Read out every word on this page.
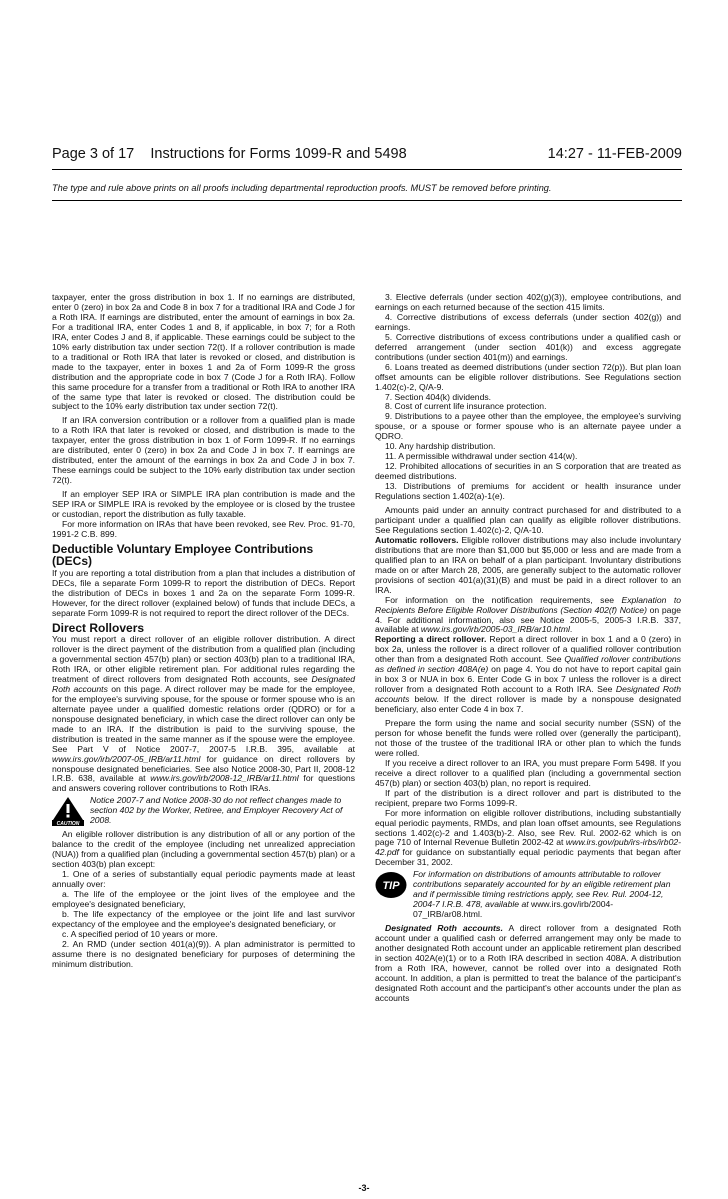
Page 3 of 17    Instructions for Forms 1099-R and 5498	14:27 - 11-FEB-2009
The type and rule above prints on all proofs including departmental reproduction proofs. MUST be removed before printing.

taxpayer, enter the gross distribution in box 1. If no earnings are distributed, enter 0 (zero) in box 2a and Code 8 in box 7 for a traditional IRA and Code J for a Roth IRA. If earnings are distributed, enter the amount of earnings in box 2a. For a traditional IRA, enter Codes 1 and 8, if applicable, in box 7; for a Roth IRA, enter Codes J and 8, if applicable. These earnings could be subject to the 10% early distribution tax under section 72(t). If a rollover contribution is made to a traditional or Roth IRA that later is revoked or closed, and distribution is made to the taxpayer, enter in boxes 1 and 2a of Form 1099-R the gross distribution and the appropriate code in box 7 (Code J for a Roth IRA). Follow this same procedure for a transfer from a traditional or Roth IRA to another IRA of the same type that later is revoked or closed. The distribution could be subject to the 10% early distribution tax under section 72(t).

If an IRA conversion contribution or a rollover from a qualified plan is made to a Roth IRA that later is revoked or closed, and distribution is made to the taxpayer, enter the gross distribution in box 1 of Form 1099-R. If no earnings are distributed, enter 0 (zero) in box 2a and Code J in box 7. If earnings are distributed, enter the amount of the earnings in box 2a and Code J in box 7. These earnings could be subject to the 10% early distribution tax under section 72(t).

If an employer SEP IRA or SIMPLE IRA plan contribution is made and the SEP IRA or SIMPLE IRA is revoked by the employee or is closed by the trustee or custodian, report the distribution as fully taxable.

For more information on IRAs that have been revoked, see Rev. Proc. 91-70, 1991-2 C.B. 899.

Deductible Voluntary Employee Contributions (DECs)

If you are reporting a total distribution from a plan that includes a distribution of DECs, file a separate Form 1099-R to report the distribution of DECs. Report the distribution of DECs in boxes 1 and 2a on the separate Form 1099-R. However, for the direct rollover (explained below) of funds that include DECs, a separate Form 1099-R is not required to report the direct rollover of the DECs.

Direct Rollovers

You must report a direct rollover of an eligible rollover distribution. A direct rollover is the direct payment of the distribution from a qualified plan (including a governmental section 457(b) plan) or section 403(b) plan to a traditional IRA, Roth IRA, or other eligible retirement plan. For additional rules regarding the treatment of direct rollovers from designated Roth accounts, see Designated Roth accounts on this page. A direct rollover may be made for the employee, for the employee's surviving spouse, for the spouse or former spouse who is an alternate payee under a qualified domestic relations order (QDRO) or for a nonspouse designated beneficiary, in which case the direct rollover can only be made to an IRA. If the distribution is paid to the surviving spouse, the distribution is treated in the same manner as if the spouse were the employee. See Part V of Notice 2007-7, 2007-5 I.R.B. 395, available at www.irs.gov/irb/2007-05_IRB/ar11.html for guidance on direct rollovers by nonspouse designated beneficiaries. See also Notice 2008-30, Part II, 2008-12 I.R.B. 638, available at www.irs.gov/irb/2008-12_IRB/ar11.html for questions and answers covering rollover contributions to Roth IRAs.

CAUTION
Notice 2007-7 and Notice 2008-30 do not reflect changes made to section 402 by the Worker, Retiree, and Employer Recovery Act of 2008.

An eligible rollover distribution is any distribution of all or any portion of the balance to the credit of the employee (including net unrealized appreciation (NUA)) from a qualified plan (including a governmental section 457(b) plan) or a section 403(b) plan except:

1. One of a series of substantially equal periodic payments made at least annually over:

a. The life of the employee or the joint lives of the employee and the employee's designated beneficiary,

b. The life expectancy of the employee or the joint life and last survivor expectancy of the employee and the employee's designated beneficiary, or

c. A specified period of 10 years or more.

2. An RMD (under section 401(a)(9)). A plan administrator is permitted to assume there is no designated beneficiary for purposes of determining the minimum distribution.

3. Elective deferrals (under section 402(g)(3)), employee contributions, and earnings on each returned because of the section 415 limits.

4. Corrective distributions of excess deferrals (under section 402(g)) and earnings.

5. Corrective distributions of excess contributions under a qualified cash or deferred arrangement (under section 401(k)) and excess aggregate contributions (under section 401(m)) and earnings.

6. Loans treated as deemed distributions (under section 72(p)). But plan loan offset amounts can be eligible rollover distributions. See Regulations section 1.402(c)-2, Q/A-9.

7. Section 404(k) dividends.

8. Cost of current life insurance protection.

9. Distributions to a payee other than the employee, the employee's surviving spouse, or a spouse or former spouse who is an alternate payee under a QDRO.

10. Any hardship distribution.

11. A permissible withdrawal under section 414(w).

12. Prohibited allocations of securities in an S corporation that are treated as deemed distributions.

13. Distributions of premiums for accident or health insurance under Regulations section 1.402(a)-1(e).

Amounts paid under an annuity contract purchased for and distributed to a participant under a qualified plan can qualify as eligible rollover distributions. See Regulations section 1.402(c)-2, Q/A-10.

Automatic rollovers. Eligible rollover distributions may also include involuntary distributions that are more than $1,000 but $5,000 or less and are made from a qualified plan to an IRA on behalf of a plan participant. Involuntary distributions made on or after March 28, 2005, are generally subject to the automatic rollover provisions of section 401(a)(31)(B) and must be paid in a direct rollover to an IRA.

For information on the notification requirements, see Explanation to Recipients Before Eligible Rollover Distributions (Section 402(f) Notice) on page 4. For additional information, also see Notice 2005-5, 2005-3 I.R.B. 337, available at www.irs.gov/irb/2005-03_IRB/ar10.html.

Reporting a direct rollover. Report a direct rollover in box 1 and a 0 (zero) in box 2a, unless the rollover is a direct rollover of a qualified rollover contribution other than from a designated Roth account. See Qualified rollover contributions as defined in section 408A(e) on page 4. You do not have to report capital gain in box 3 or NUA in box 6. Enter Code G in box 7 unless the rollover is a direct rollover from a designated Roth account to a Roth IRA. See Designated Roth accounts below. If the direct rollover is made by a nonspouse designated beneficiary, also enter Code 4 in box 7.

Prepare the form using the name and social security number (SSN) of the person for whose benefit the funds were rolled over (generally the participant), not those of the trustee of the traditional IRA or other plan to which the funds were rolled.

If you receive a direct rollover to an IRA, you must prepare Form 5498. If you receive a direct rollover to a qualified plan (including a governmental section 457(b) plan) or section 403(b) plan, no report is required.

If part of the distribution is a direct rollover and part is distributed to the recipient, prepare two Forms 1099-R.

For more information on eligible rollover distributions, including substantially equal periodic payments, RMDs, and plan loan offset amounts, see Regulations sections 1.402(c)-2 and 1.403(b)-2. Also, see Rev. Rul. 2002-62 which is on page 710 of Internal Revenue Bulletin 2002-42 at www.irs.gov/pub/irs-irbs/irb02-42.pdf for guidance on substantially equal periodic payments that began after December 31, 2002.

TIP
For information on distributions of amounts attributable to rollover contributions separately accounted for by an eligible retirement plan and if permissible timing restrictions apply, see Rev. Rul. 2004-12, 2004-7 I.R.B. 478, available at www.irs.gov/irb/2004-07_IRB/ar08.html.

Designated Roth accounts. A direct rollover from a designated Roth account under a qualified cash or deferred arrangement may only be made to another designated Roth account under an applicable retirement plan described in section 402A(e)(1) or to a Roth IRA described in section 408A. A distribution from a Roth IRA, however, cannot be rolled over into a designated Roth account. In addition, a plan is permitted to treat the balance of the participant's designated Roth account and the participant's other accounts under the plan as accounts

-3-
